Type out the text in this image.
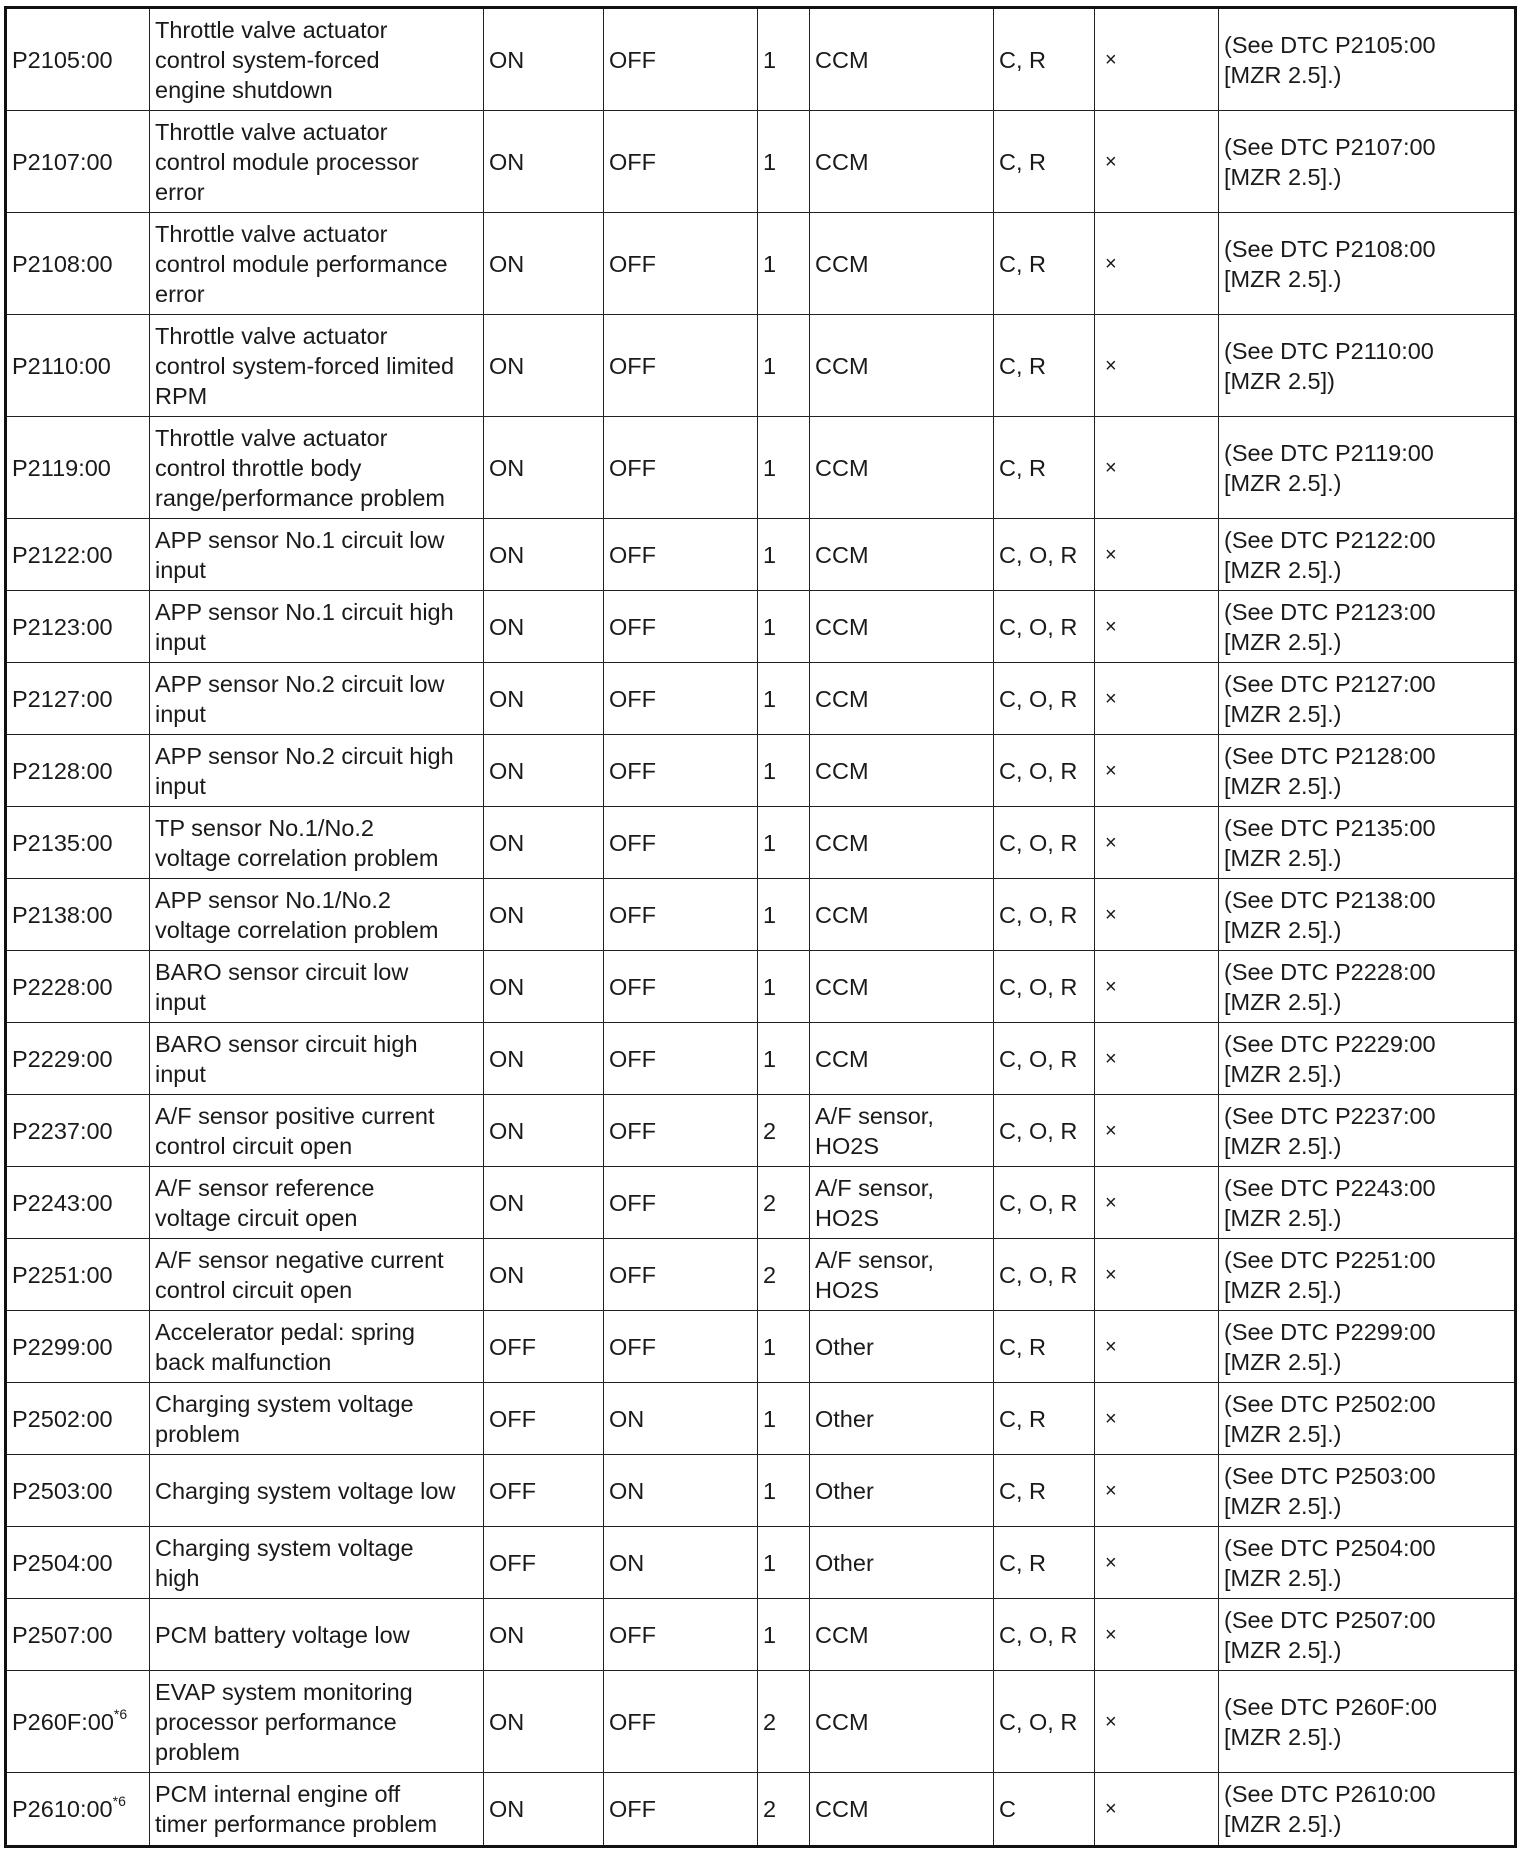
P2105:00	Throttle valve actuator
control system-forced
engine shutdown	ON	OFF	1	CCM	C, R	×	(See DTC P2105:00
[MZR 2.5].)
P2107:00	Throttle valve actuator
control module processor
error	ON	OFF	1	CCM	C, R	×	(See DTC P2107:00
[MZR 2.5].)
P2108:00	Throttle valve actuator
control module performance
error	ON	OFF	1	CCM	C, R	×	(See DTC P2108:00
[MZR 2.5].)
P2110:00	Throttle valve actuator
control system-forced limited
RPM	ON	OFF	1	CCM	C, R	×	(See DTC P2110:00
[MZR 2.5])
P2119:00	Throttle valve actuator
control throttle body
range/performance problem	ON	OFF	1	CCM	C, R	×	(See DTC P2119:00
[MZR 2.5].)
P2122:00	APP sensor No.1 circuit low
input	ON	OFF	1	CCM	C, O, R	×	(See DTC P2122:00
[MZR 2.5].)
P2123:00	APP sensor No.1 circuit high
input	ON	OFF	1	CCM	C, O, R	×	(See DTC P2123:00
[MZR 2.5].)
P2127:00	APP sensor No.2 circuit low
input	ON	OFF	1	CCM	C, O, R	×	(See DTC P2127:00
[MZR 2.5].)
P2128:00	APP sensor No.2 circuit high
input	ON	OFF	1	CCM	C, O, R	×	(See DTC P2128:00
[MZR 2.5].)
P2135:00	TP sensor No.1/No.2
voltage correlation problem	ON	OFF	1	CCM	C, O, R	×	(See DTC P2135:00
[MZR 2.5].)
P2138:00	APP sensor No.1/No.2
voltage correlation problem	ON	OFF	1	CCM	C, O, R	×	(See DTC P2138:00
[MZR 2.5].)
P2228:00	BARO sensor circuit low
input	ON	OFF	1	CCM	C, O, R	×	(See DTC P2228:00
[MZR 2.5].)
P2229:00	BARO sensor circuit high
input	ON	OFF	1	CCM	C, O, R	×	(See DTC P2229:00
[MZR 2.5].)
P2237:00	A/F sensor positive current
control circuit open	ON	OFF	2	A/F sensor,
HO2S	C, O, R	×	(See DTC P2237:00
[MZR 2.5].)
P2243:00	A/F sensor reference
voltage circuit open	ON	OFF	2	A/F sensor,
HO2S	C, O, R	×	(See DTC P2243:00
[MZR 2.5].)
P2251:00	A/F sensor negative current
control circuit open	ON	OFF	2	A/F sensor,
HO2S	C, O, R	×	(See DTC P2251:00
[MZR 2.5].)
P2299:00	Accelerator pedal: spring
back malfunction	OFF	OFF	1	Other	C, R	×	(See DTC P2299:00
[MZR 2.5].)
P2502:00	Charging system voltage
problem	OFF	ON	1	Other	C, R	×	(See DTC P2502:00
[MZR 2.5].)
P2503:00	Charging system voltage low	OFF	ON	1	Other	C, R	×	(See DTC P2503:00
[MZR 2.5].)
P2504:00	Charging system voltage
high	OFF	ON	1	Other	C, R	×	(See DTC P2504:00
[MZR 2.5].)
P2507:00	PCM battery voltage low	ON	OFF	1	CCM	C, O, R	×	(See DTC P2507:00
[MZR 2.5].)
P260F:00$^{*6}$	EVAP system monitoring
processor performance
problem	ON	OFF	2	CCM	C, O, R	×	(See DTC P260F:00
[MZR 2.5].)
P2610:00$^{*6}$	PCM internal engine off
timer performance problem	ON	OFF	2	CCM	C	×	(See DTC P2610:00
[MZR 2.5].)
